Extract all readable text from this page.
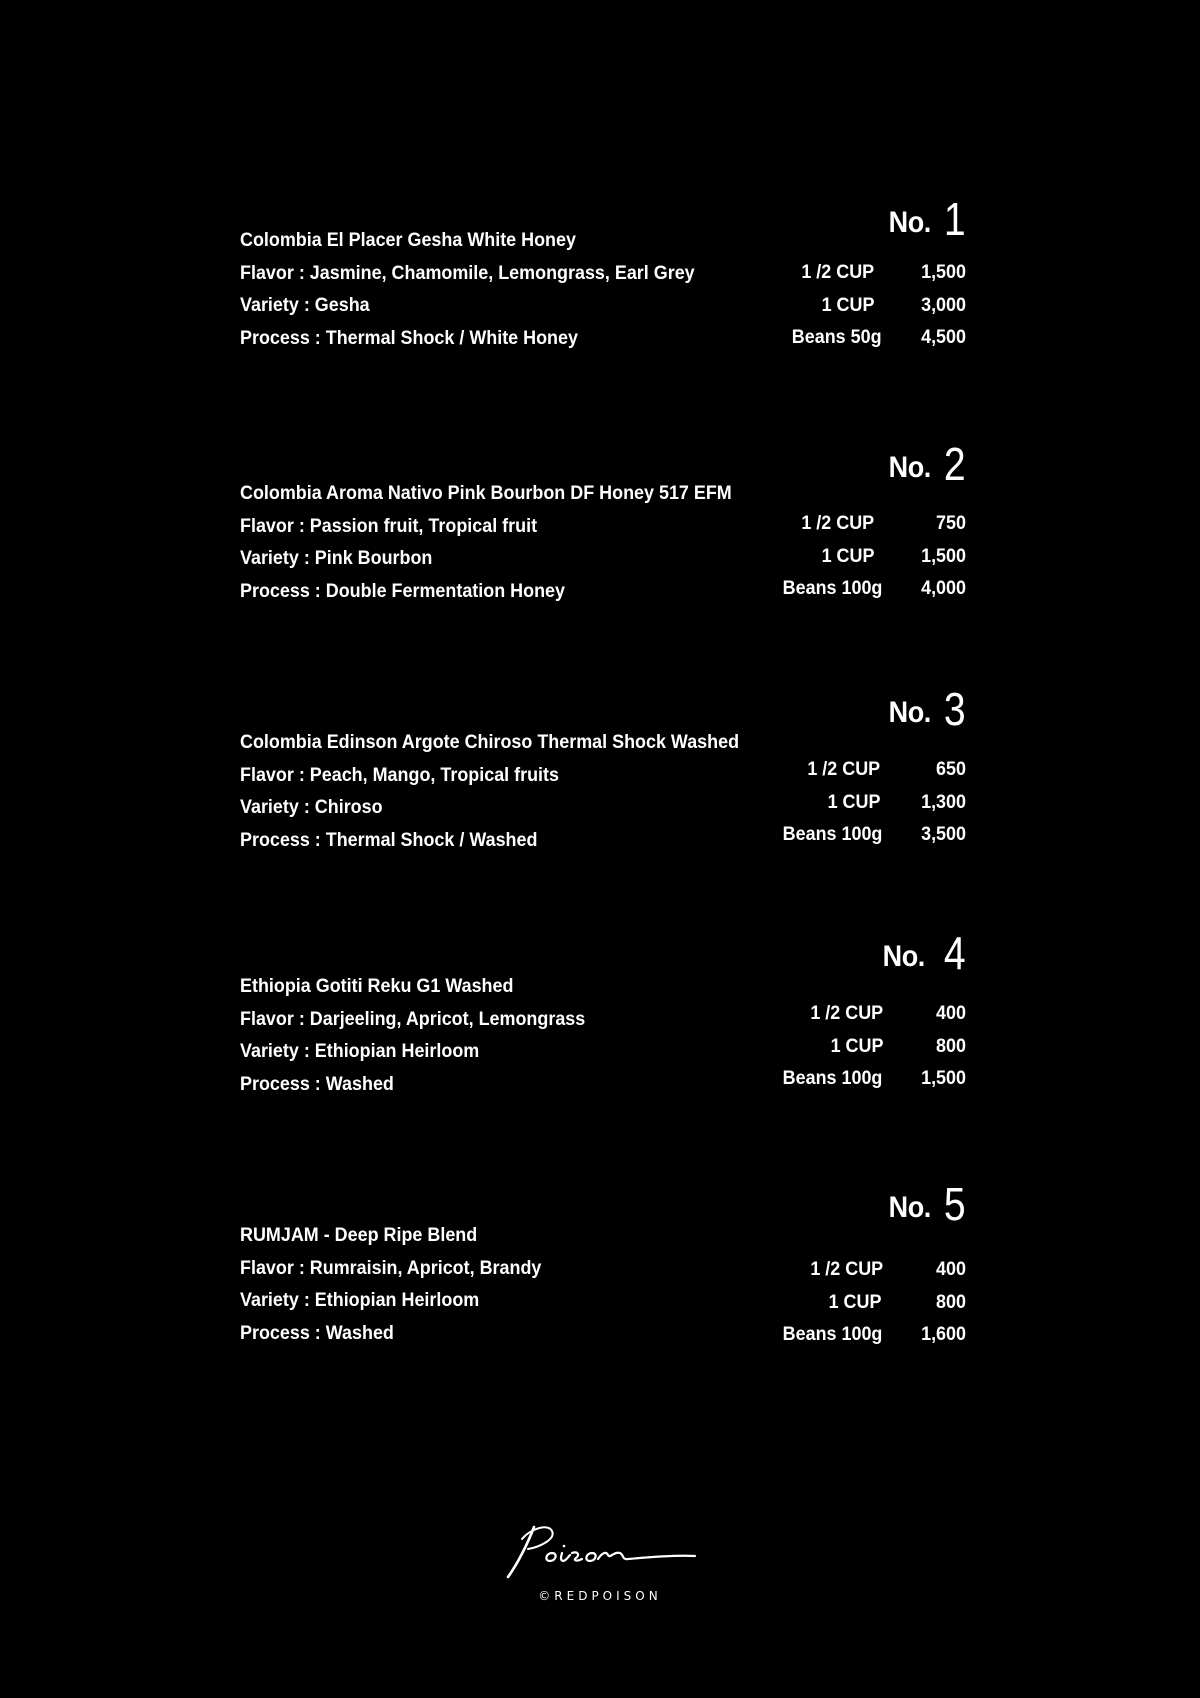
No. 1
Colombia El Placer Gesha White Honey
Flavor : Jasmine, Chamomile, Lemongrass, Earl Grey
Variety : Gesha
Process : Thermal Shock / White Honey
1 /2 CUP	1,500
1 CUP	3,000
Beans 50g	4,500
No. 2
Colombia Aroma Nativo Pink Bourbon DF Honey 517 EFM
Flavor : Passion fruit, Tropical fruit
Variety : Pink Bourbon
Process : Double Fermentation Honey
1 /2 CUP	750
1 CUP	1,500
Beans 100g	4,000
No. 3
Colombia Edinson Argote Chiroso Thermal Shock Washed
Flavor : Peach, Mango, Tropical fruits
Variety : Chiroso
Process : Thermal Shock / Washed
1 /2 CUP	650
1 CUP	1,300
Beans 100g	3,500
No. 4
Ethiopia Gotiti Reku G1 Washed
Flavor : Darjeeling, Apricot, Lemongrass
Variety : Ethiopian Heirloom
Process : Washed
1 /2 CUP	400
1 CUP	800
Beans 100g	1,500
No. 5
RUMJAM - Deep Ripe Blend
Flavor : Rumraisin, Apricot, Brandy
Variety : Ethiopian Heirloom
Process : Washed
1 /2 CUP	400
1 CUP	800
Beans 100g	1,600
©REDPOISON
